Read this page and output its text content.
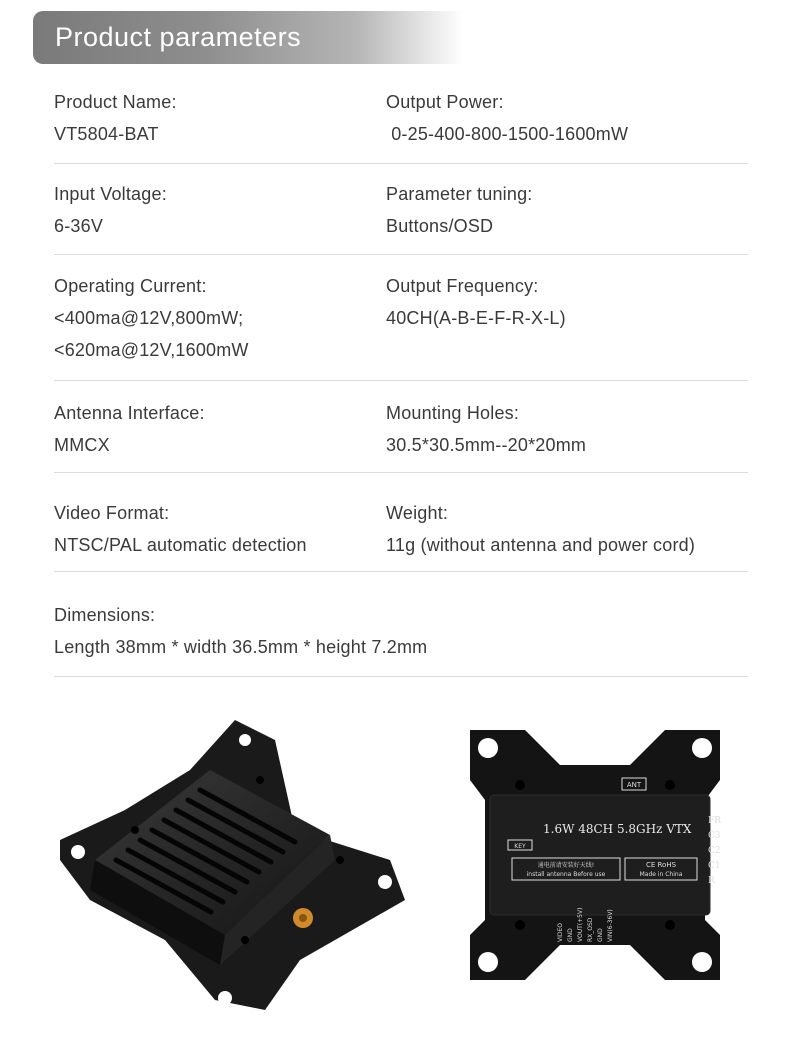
Product parameters
Product Name:
VT5804-BAT
Output Power:
0-25-400-800-1500-1600mW
Input Voltage:
6-36V
Parameter tuning:
Buttons/OSD
Operating Current:
<400ma@12V,800mW;
<620ma@12V,1600mW
Output Frequency:
40CH(A-B-E-F-R-X-L)
Antenna Interface:
MMCX
Mounting Holes:
30.5*30.5mm--20*20mm
Video Format:
NTSC/PAL automatic detection
Weight:
11g (without antenna and power cord)
Dimensions:
Length 38mm * width 36.5mm * height 7.2mm
ANT
1.6W 48CH 5.8GHz VTX
KEY
通电前请安装好天线!
install antenna Before use
CE RoHS
Made in China
FR
C3
C2
C1
R
VIDEO GND VOUT(+5V) RX_OSD GND VIN(6-36V)
